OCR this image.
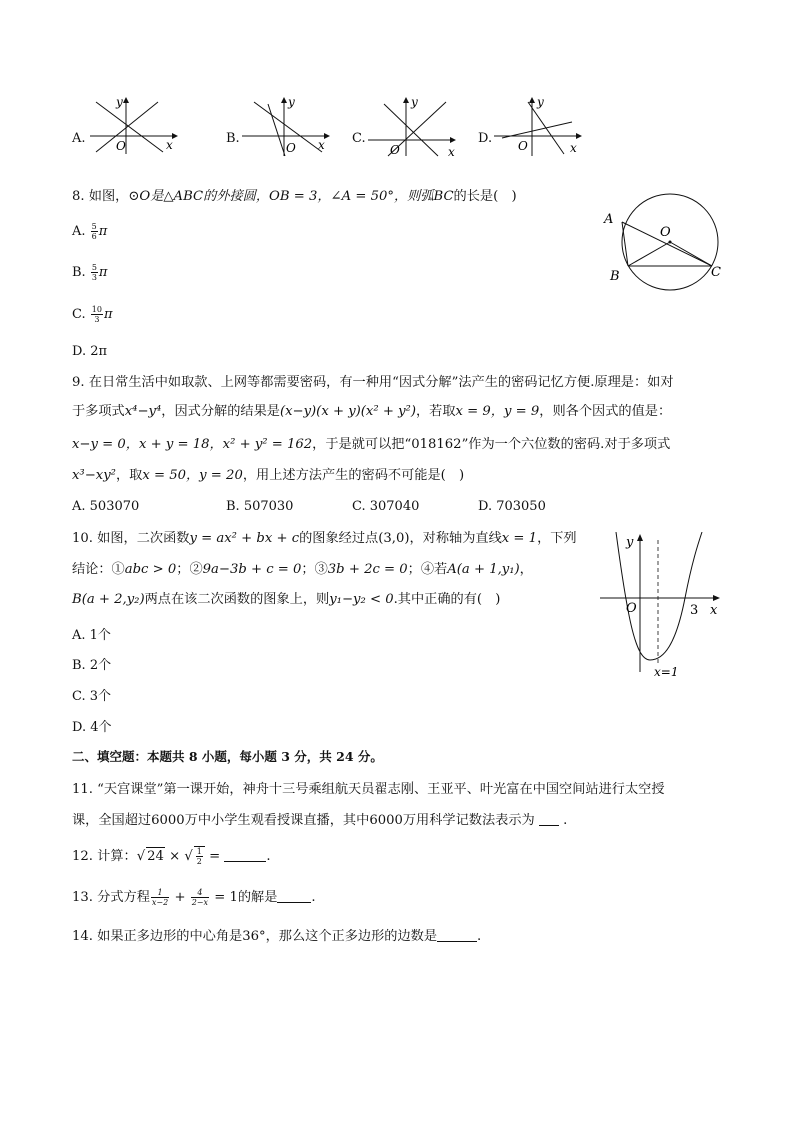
A.	O	x
y
B.
O x
y
C.
O	x
y
D. O	x
y
8. 如图，⊙O是△ABC的外接圆，OB = 3，∠A = 50°，则弧BC的长是(　)
A. $\frac{5}{6}$ π
B. $\frac{5}{3}$ π
C. $\frac{10}{3}$ π
D. 2π
A
B	C
O
9. 在日常生活中如取款、上网等都需要密码，有一种用“因式分解”法产生的密码记忆方便.原理是：如对
于多项式x⁴−y⁴，因式分解的结果是(x−y)(x + y)(x² + y²)，若取x = 9，y = 9，则各个因式的值是：
x−y = 0，x + y = 18，x² + y² = 162，于是就可以把“018162”作为一个六位数的密码.对于多项式
x³−xy²，取x = 50，y = 20，用上述方法产生的密码不可能是(　)
A. 503070	B. 507030	C. 307040	D. 703050
10. 如图，二次函数y = ax² + bx + c的图象经过点(3,0)，对称轴为直线x = 1，下列
结论：①abc > 0；②9a−3b + c = 0；③3b + 2c = 0；④若A(a + 1,y₁)，
B(a + 2,y₂)两点在该二次函数的图象上，则y₁−y₂ < 0.其中正确的有(　)
A. 1个
B. 2个
C. 3个
D. 4个
y
x
O	3
x=1
二、填空题：本题共 8 小题，每小题 3 分，共 24 分。
11. “天宫课堂”第一课开始，神舟十三号乘组航天员翟志刚、王亚平、叶光富在中国空间站进行太空授
课，全国超过6000万中小学生观看授课直播，其中6000万用科学记数法表示为 .
12. 计算：√ 24 × √ $\frac{1}{2}$ =	.
13. 分式方程 $\frac{1}{x-2} + \frac{4}{2-x} = 1$的解是	.
14. 如果正多边形的中心角是36°，那么这个正多边形的边数是	.
